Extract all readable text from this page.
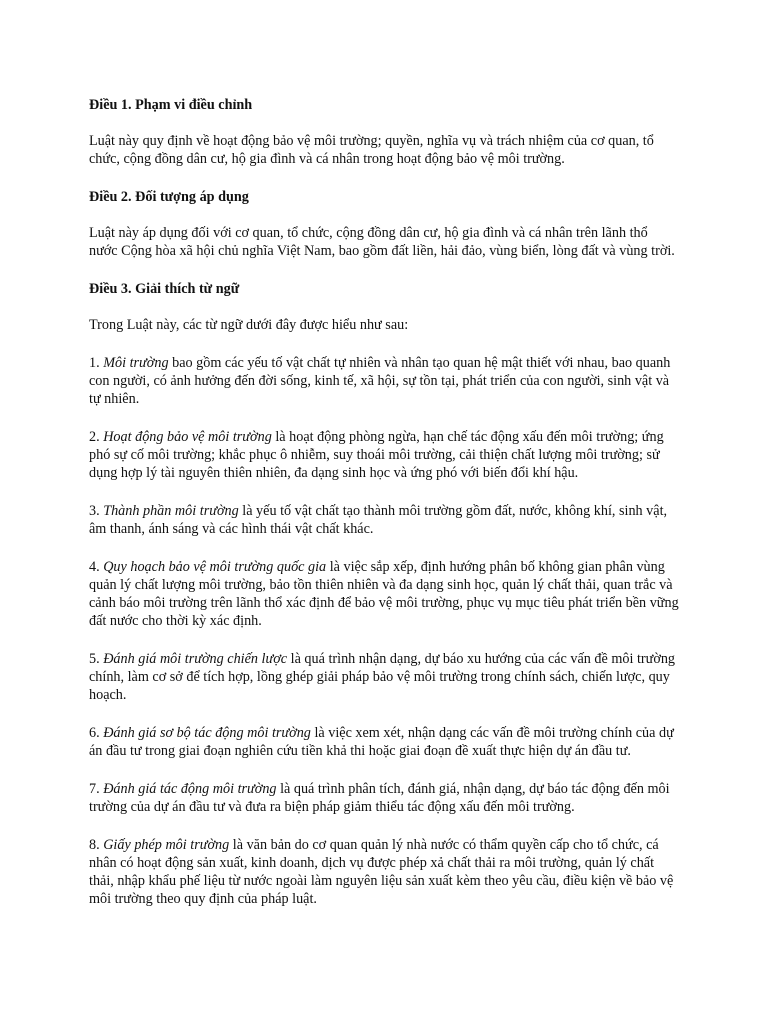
Điều 1. Phạm vi điều chỉnh

Luật này quy định về hoạt động bảo vệ môi trường; quyền, nghĩa vụ và trách nhiệm của cơ quan, tổ chức, cộng đồng dân cư, hộ gia đình và cá nhân trong hoạt động bảo vệ môi trường.

Điều 2. Đối tượng áp dụng

Luật này áp dụng đối với cơ quan, tổ chức, cộng đồng dân cư, hộ gia đình và cá nhân trên lãnh thổ nước Cộng hòa xã hội chủ nghĩa Việt Nam, bao gồm đất liền, hải đảo, vùng biển, lòng đất và vùng trời.

Điều 3. Giải thích từ ngữ

Trong Luật này, các từ ngữ dưới đây được hiểu như sau:

1. Môi trường bao gồm các yếu tố vật chất tự nhiên và nhân tạo quan hệ mật thiết với nhau, bao quanh con người, có ảnh hưởng đến đời sống, kinh tế, xã hội, sự tồn tại, phát triển của con người, sinh vật và tự nhiên.

2. Hoạt động bảo vệ môi trường là hoạt động phòng ngừa, hạn chế tác động xấu đến môi trường; ứng phó sự cố môi trường; khắc phục ô nhiễm, suy thoái môi trường, cải thiện chất lượng môi trường; sử dụng hợp lý tài nguyên thiên nhiên, đa dạng sinh học và ứng phó với biến đổi khí hậu.

3. Thành phần môi trường là yếu tố vật chất tạo thành môi trường gồm đất, nước, không khí, sinh vật, âm thanh, ánh sáng và các hình thái vật chất khác.

4. Quy hoạch bảo vệ môi trường quốc gia là việc sắp xếp, định hướng phân bố không gian phân vùng quản lý chất lượng môi trường, bảo tồn thiên nhiên và đa dạng sinh học, quản lý chất thải, quan trắc và cảnh báo môi trường trên lãnh thổ xác định để bảo vệ môi trường, phục vụ mục tiêu phát triển bền vững đất nước cho thời kỳ xác định.

5. Đánh giá môi trường chiến lược là quá trình nhận dạng, dự báo xu hướng của các vấn đề môi trường chính, làm cơ sở để tích hợp, lồng ghép giải pháp bảo vệ môi trường trong chính sách, chiến lược, quy hoạch.

6. Đánh giá sơ bộ tác động môi trường là việc xem xét, nhận dạng các vấn đề môi trường chính của dự án đầu tư trong giai đoạn nghiên cứu tiền khả thi hoặc giai đoạn đề xuất thực hiện dự án đầu tư.

7. Đánh giá tác động môi trường là quá trình phân tích, đánh giá, nhận dạng, dự báo tác động đến môi trường của dự án đầu tư và đưa ra biện pháp giảm thiểu tác động xấu đến môi trường.

8. Giấy phép môi trường là văn bản do cơ quan quản lý nhà nước có thẩm quyền cấp cho tổ chức, cá nhân có hoạt động sản xuất, kinh doanh, dịch vụ được phép xả chất thải ra môi trường, quản lý chất thải, nhập khẩu phế liệu từ nước ngoài làm nguyên liệu sản xuất kèm theo yêu cầu, điều kiện về bảo vệ môi trường theo quy định của pháp luật.
